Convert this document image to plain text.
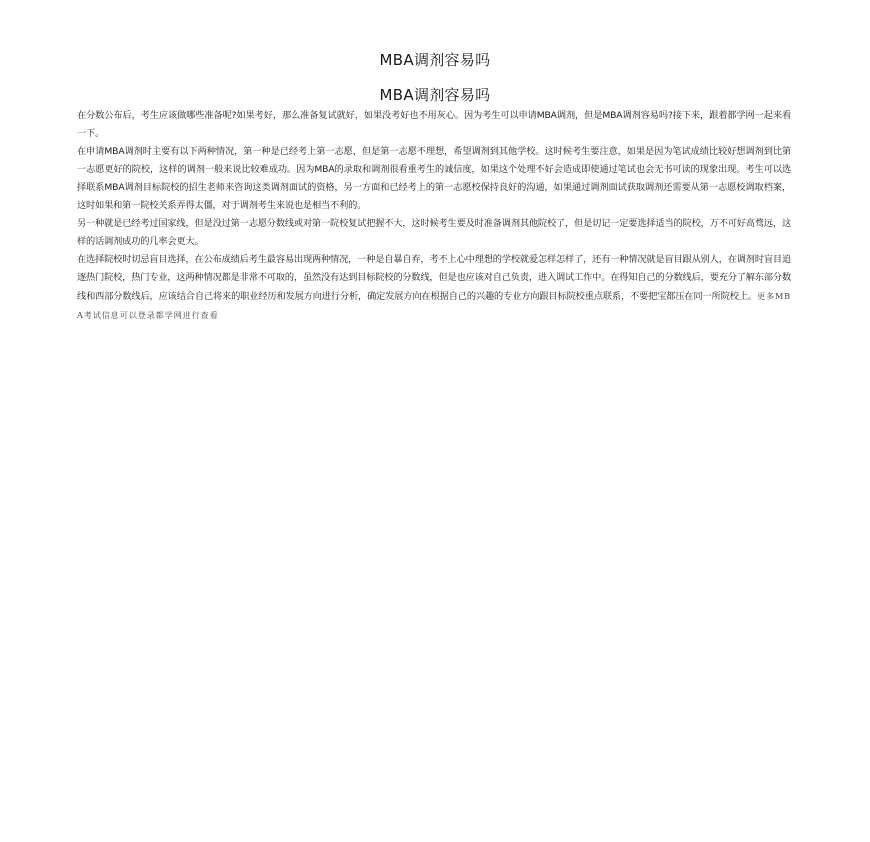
MBA调剂容易吗
MBA调剂容易吗

在分数公布后，考生应该做哪些准备呢?如果考好，那么准备复试就好，如果没考好也不用灰心。因为考生可以申请MBA调剂，但是MBA调剂容易吗?接下来，跟着都学网一起来看一下。

在申请MBA调剂时主要有以下两种情况，第一种是已经考上第一志愿，但是第一志愿不理想，希望调剂到其他学校。这时候考生要注意，如果是因为笔试成绩比较好想调剂到比第一志愿更好的院校，这样的调剂一般来说比较难成功。因为MBA的录取和调剂很看重考生的诚信度，如果这个处理不好会造成即使通过笔试也会无书可读的现象出现。考生可以选择联系MBA调剂目标院校的招生老师来咨询这类调剂面试的资格，另一方面和已经考上的第一志愿校保持良好的沟通，如果通过调剂面试获取调剂还需要从第一志愿校调取档案，这时如果和第一院校关系弄得太僵，对于调剂考生来说也是相当不利的。

另一种就是已经考过国家线，但是没过第一志愿分数线或对第一院校复试把握不大，这时候考生要及时准备调剂其他院校了，但是切记一定要选择适当的院校，万不可好高骛远，这样的话调剂成功的几率会更大。

在选择院校时切忌盲目选择，在公布成绩后考生最容易出现两种情况，一种是自暴自弃，考不上心中理想的学校就爱怎样怎样了，还有一种情况就是盲目跟从别人，在调剂时盲目追逐热门院校，热门专业，这两种情况都是非常不可取的，虽然没有达到目标院校的分数线，但是也应该对自己负责，进入调试工作中。在得知自己的分数线后，要充分了解东部分数线和西部分数线后，应该结合自己将来的职业经历和发展方向进行分析，确定发展方向在根据自己的兴趣的专业方向跟目标院校重点联系，不要把宝都压在同一所院校上。更多MBA考试信息可以登录都学网进行查看
